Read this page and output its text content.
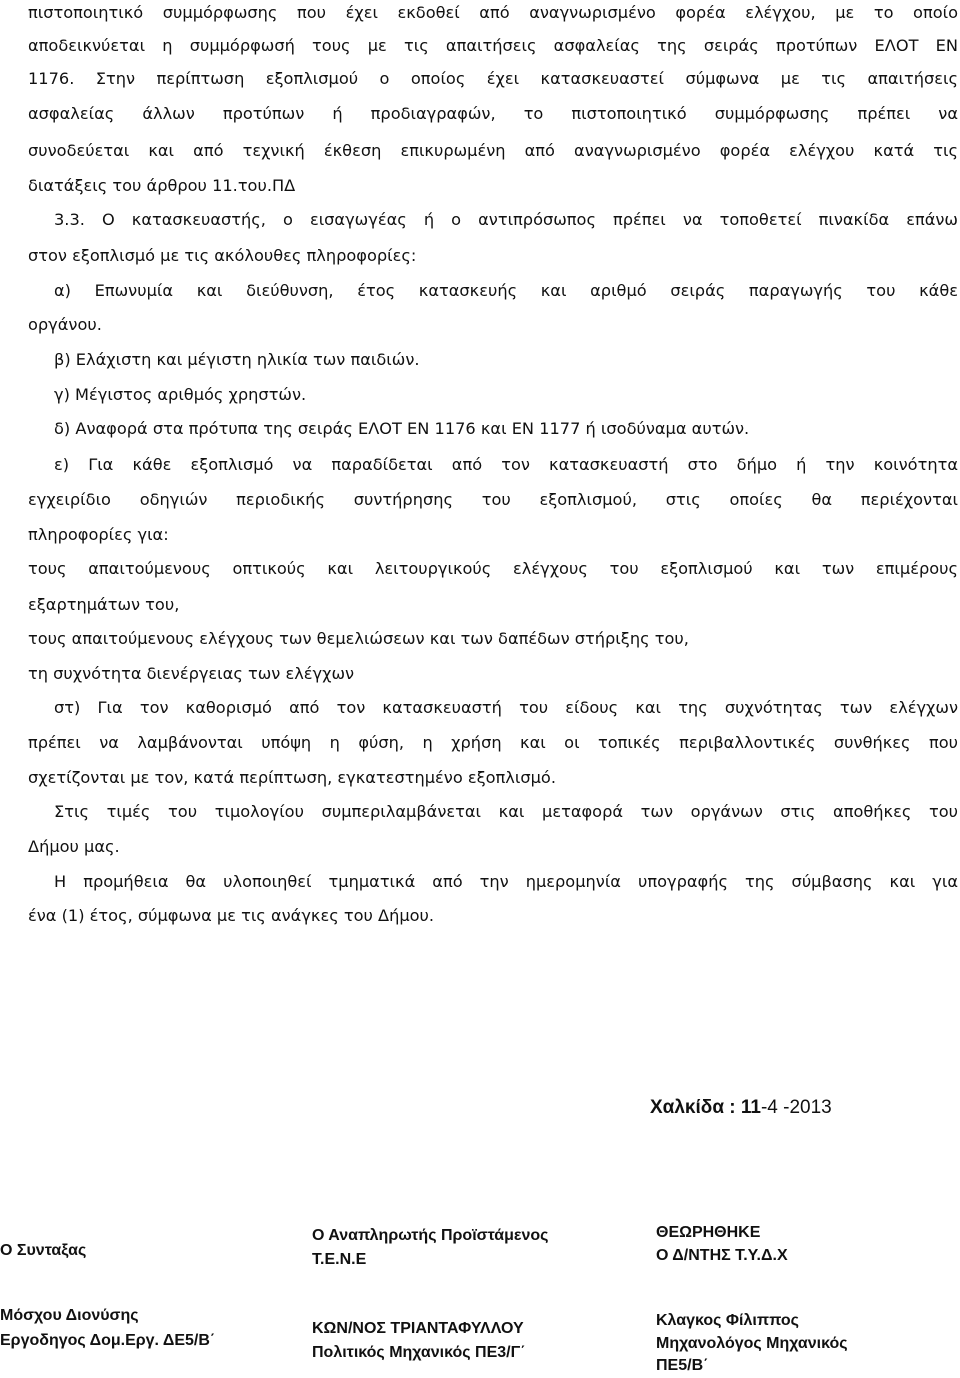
πιστοποιητικό συμμόρφωσης που έχει εκδοθεί από αναγνωρισμένο φορέα ελέγχου, με το οποίο
αποδεικνύεται η συμμόρφωσή τους με τις απαιτήσεις ασφαλείας της σειράς προτύπων ΕΛΟΤ ΕΝ
1176. Στην περίπτωση εξοπλισμού ο οποίος έχει κατασκευαστεί σύμφωνα με τις απαιτήσεις
ασφαλείας άλλων προτύπων ή προδιαγραφών, το πιστοποιητικό συμμόρφωσης πρέπει να
συνοδεύεται και από τεχνική έκθεση επικυρωμένη από αναγνωρισμένο φορέα ελέγχου κατά τις
διατάξεις του άρθρου 11.του.ΠΔ
3.3. Ο κατασκευαστής, ο εισαγωγέας ή ο αντιπρόσωπος πρέπει να τοποθετεί πινακίδα επάνω
στον εξοπλισμό με τις ακόλουθες πληροφορίες:
α) Επωνυμία και διεύθυνση, έτος κατασκευής και αριθμό σειράς παραγωγής του κάθε
οργάνου.
β) Ελάχιστη και μέγιστη ηλικία των παιδιών.
γ) Μέγιστος αριθμός χρηστών.
δ) Αναφορά στα πρότυπα της σειράς ΕΛΟΤ ΕΝ 1176 και ΕΝ 1177 ή ισοδύναμα αυτών.
ε) Για κάθε εξοπλισμό να παραδίδεται από τον κατασκευαστή στο δήμο ή την κοινότητα
εγχειρίδιο οδηγιών περιοδικής συντήρησης του εξοπλισμού, στις οποίες θα περιέχονται
πληροφορίες για:
τους απαιτούμενους οπτικούς και λειτουργικούς ελέγχους του εξοπλισμού και των επιμέρους
εξαρτημάτων του,
τους απαιτούμενους ελέγχους των θεμελιώσεων και των δαπέδων στήριξης του,
τη συχνότητα διενέργειας των ελέγχων
στ) Για τον καθορισμό από τον κατασκευαστή του είδους και της συχνότητας των ελέγχων
πρέπει να λαμβάνονται υπόψη η φύση, η χρήση και οι τοπικές περιβαλλοντικές συνθήκες που
σχετίζονται με τον, κατά περίπτωση, εγκατεστημένο εξοπλισμό.
Στις τιμές του τιμολογίου συμπεριλαμβάνεται και μεταφορά των οργάνων στις αποθήκες του
Δήμου μας.
Η προμήθεια θα υλοποιηθεί τμηματικά από την ημερομηνία υπογραφής της σύμβασης και για
ένα (1) έτος, σύμφωνα με τις ανάγκες του Δήμου.
Χαλκίδα : 11-4 -2013
Ο Συνταξας
Μόσχου Διονύσης
Εργοδηγος Δομ.Εργ. ΔΕ5/Β΄
Ο Αναπληρωτής Προϊστάμενος
Τ.Ε.Ν.Ε
ΚΩΝ/ΝΟΣ ΤΡΙΑΝΤΑΦΥΛΛΟΥ
Πολιτικός Μηχανικός ΠΕ3/Γ΄
ΘΕΩΡΗΘΗΚΕ
Ο Δ/ΝΤΗΣ Τ.Υ.Δ.Χ
Κλαγκος Φίλιππος
Μηχανολόγος Μηχανικός
ΠΕ5/Β΄
